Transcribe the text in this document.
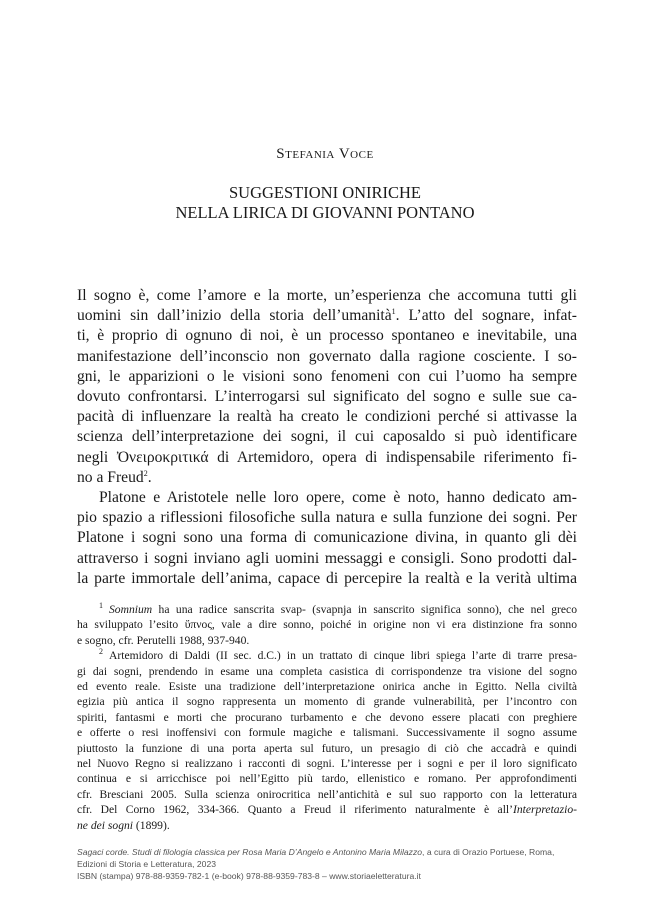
Stefania Voce
SUGGESTIONI ONIRICHE
NELLA LIRICA DI GIOVANNI PONTANO
Il sogno è, come l’amore e la morte, un’esperienza che accomuna tutti gli
uomini sin dall’inizio della storia dell’umanità$^1$. L’atto del sognare, infat-
ti, è proprio di ognuno di noi, è un processo spontaneo e inevitabile, una
manifestazione dell’inconscio non governato dalla ragione cosciente. I so-
gni, le apparizioni o le visioni sono fenomeni con cui l’uomo ha sempre
dovuto confrontarsi. L’interrogarsi sul significato del sogno e sulle sue ca-
pacità di influenzare la realtà ha creato le condizioni perché si attivasse la
scienza dell’interpretazione dei sogni, il cui caposaldo si può identificare
negli Ὀνειροκριτικά di Artemidoro, opera di indispensabile riferimento fi-
no a Freud$^2$.
Platone e Aristotele nelle loro opere, come è noto, hanno dedicato am-
pio spazio a riflessioni filosofiche sulla natura e sulla funzione dei sogni. Per
Platone i sogni sono una forma di comunicazione divina, in quanto gli dèi
attraverso i sogni inviano agli uomini messaggi e consigli. Sono prodotti dal-
la parte immortale dell’anima, capace di percepire la realtà e la verità ultima
$^1$ Somnium ha una radice sanscrita svap- (svapnja in sanscrito significa sonno), che nel greco
ha sviluppato l’esito ὕπνος, vale a dire sonno, poiché in origine non vi era distinzione fra sonno
e sogno, cfr. Perutelli 1988, 937-940.
$^2$ Artemidoro di Daldi (II sec. d.C.) in un trattato di cinque libri spiega l’arte di trarre presa-
gi dai sogni, prendendo in esame una completa casistica di corrispondenze tra visione del sogno
ed evento reale. Esiste una tradizione dell’interpretazione onirica anche in Egitto. Nella civiltà
egizia più antica il sogno rappresenta un momento di grande vulnerabilità, per l’incontro con
spiriti, fantasmi e morti che procurano turbamento e che devono essere placati con preghiere
e offerte o resi inoffensivi con formule magiche e talismani. Successivamente il sogno assume
piuttosto la funzione di una porta aperta sul futuro, un presagio di ciò che accadrà e quindi
nel Nuovo Regno si realizzano i racconti di sogni. L’interesse per i sogni e per il loro significato
continua e si arricchisce poi nell’Egitto più tardo, ellenistico e romano. Per approfondimenti
cfr. Bresciani 2005. Sulla scienza onirocritica nell’antichità e sul suo rapporto con la letteratura
cfr. Del Corno 1962, 334-366. Quanto a Freud il riferimento naturalmente è all’Interpretazio-
ne dei sogni (1899).
Sagaci corde. Studi di filologia classica per Rosa Maria D’Angelo e Antonino Maria Milazzo, a cura di Orazio Portuese, Roma,
Edizioni di Storia e Letteratura, 2023
ISBN (stampa) 978-88-9359-782-1 (e-book) 978-88-9359-783-8 – www.storiaeletteratura.it
